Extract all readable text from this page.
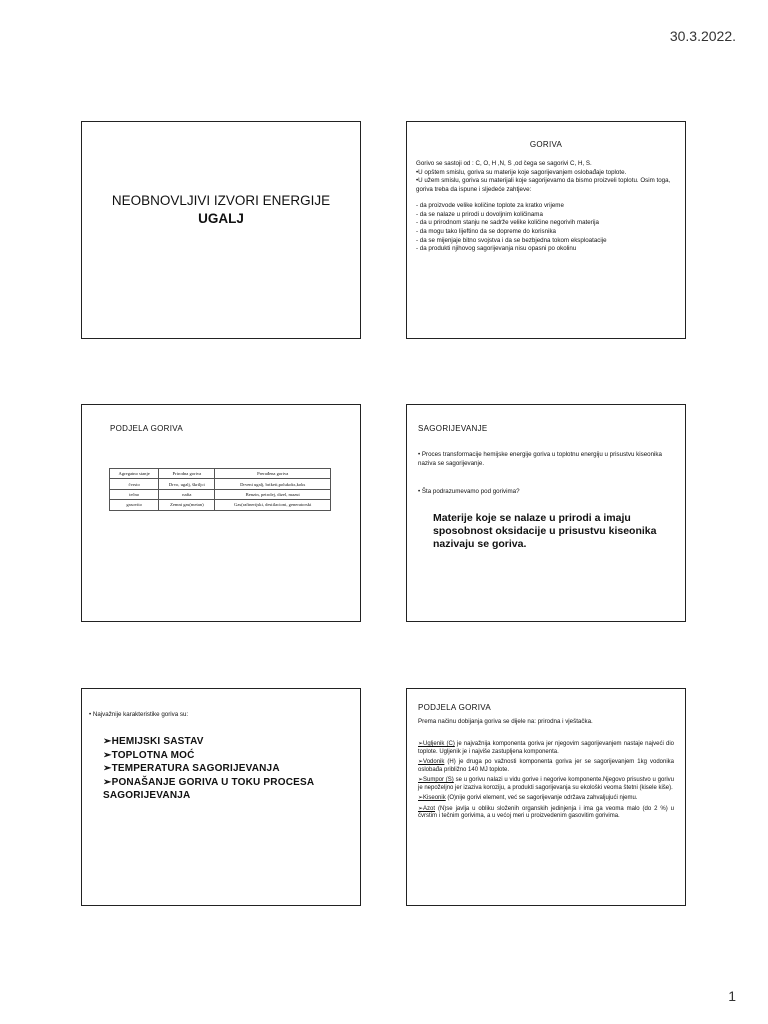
30.3.2022.
NEOBNOVLJIVI IZVORI ENERGIJE
UGALJ
GORIVA

Gorivo se sastoji od : C, O, H ,N, S ,od čega se sagorivi C, H, S.

•U opštem smislu, goriva su materije koje sagorijevanjem oslobađaje toplote.

•U užem smislu, goriva su materijali koje sagorijevamo da bismo proizveli toplotu. Osim toga, goriva treba da ispune i sljedeće zahtjeve:

- da proizvode velike količine toplote za kratko vrijeme

- da se nalaze u prirodi u dovoljnim količinama

- da u prirodnom stanju ne sadrže velike količine negorivih materija

- da mogu tako lijeftino da se dopreme do korisnika

- da se mijenjaje bitno svojstva i da se bezbjedna tokom eksploatacije

- da produkti njihovog sagorijevanja nisu opasni po okolinu

PODJELA GORIVA
Agregatno stanje	Prirodna goriva	Prerađena goriva
čvrsto	Drvo, ugalj, škriljci	Drveni ugalj, briketi,polukoks,koks
tečno	nafta	Benzin, petrolej, dizel, mazut
gasovito	Zemni gas(metan)	Gas(rafinerijski, destilacioni, generatorski
SAGORIJEVANJE
• Proces transformacije hemijske energije goriva u toplotnu energiju u prisustvu kiseonika naziva se sagorijevanje.
• Šta podrazumevamo pod gorivima?
Materije koje se nalaze u prirodi a imaju sposobnost oksidacije u prisustvu kiseonika nazivaju se goriva.
• Najvažnije karakteristike goriva su:
➢HEMIJSKI SASTAV
➢TOPLOTNA MOĆ
➢TEMPERATURA SAGORIJEVANJA
➢PONAŠANJE GORIVA U TOKU PROCESA SAGORIJEVANJA
PODJELA GORIVA
Prema načinu dobijanja goriva se dijele na: prirodna i vještačka.

➢Ugljenik (C) je najvažnija komponenta goriva jer njegovim sagorijevanjem nastaje najveći dio toplote. Ugljenik je i najviše zastupljena komponenta.

➢Vodonik (H) je druga po važnosti komponenta goriva jer se sagorijevanjem 1kg vodonika oslobađa približno 140 MJ toplote.

➢Sumpor (S) se u gorivu nalazi u vidu gorive i negorive komponente.Njegovo prisustvo u gorivu je nepoželjno jer izaziva koroziju, a produkti sagorijevanja su ekološki veoma štetni (kisele kiše).

➢Kiseonik (O)nije gorivi element, već se sagorijevanje održava zahvaljujući njemu.

➢Azot (N)se javlja u obliku složenih organskih jedinjenja i ima ga veoma malo (do 2 %) u čvrstim i tečnim gorivima, a u većoj meri u proizvedenim gasovitim gorivima.

1
